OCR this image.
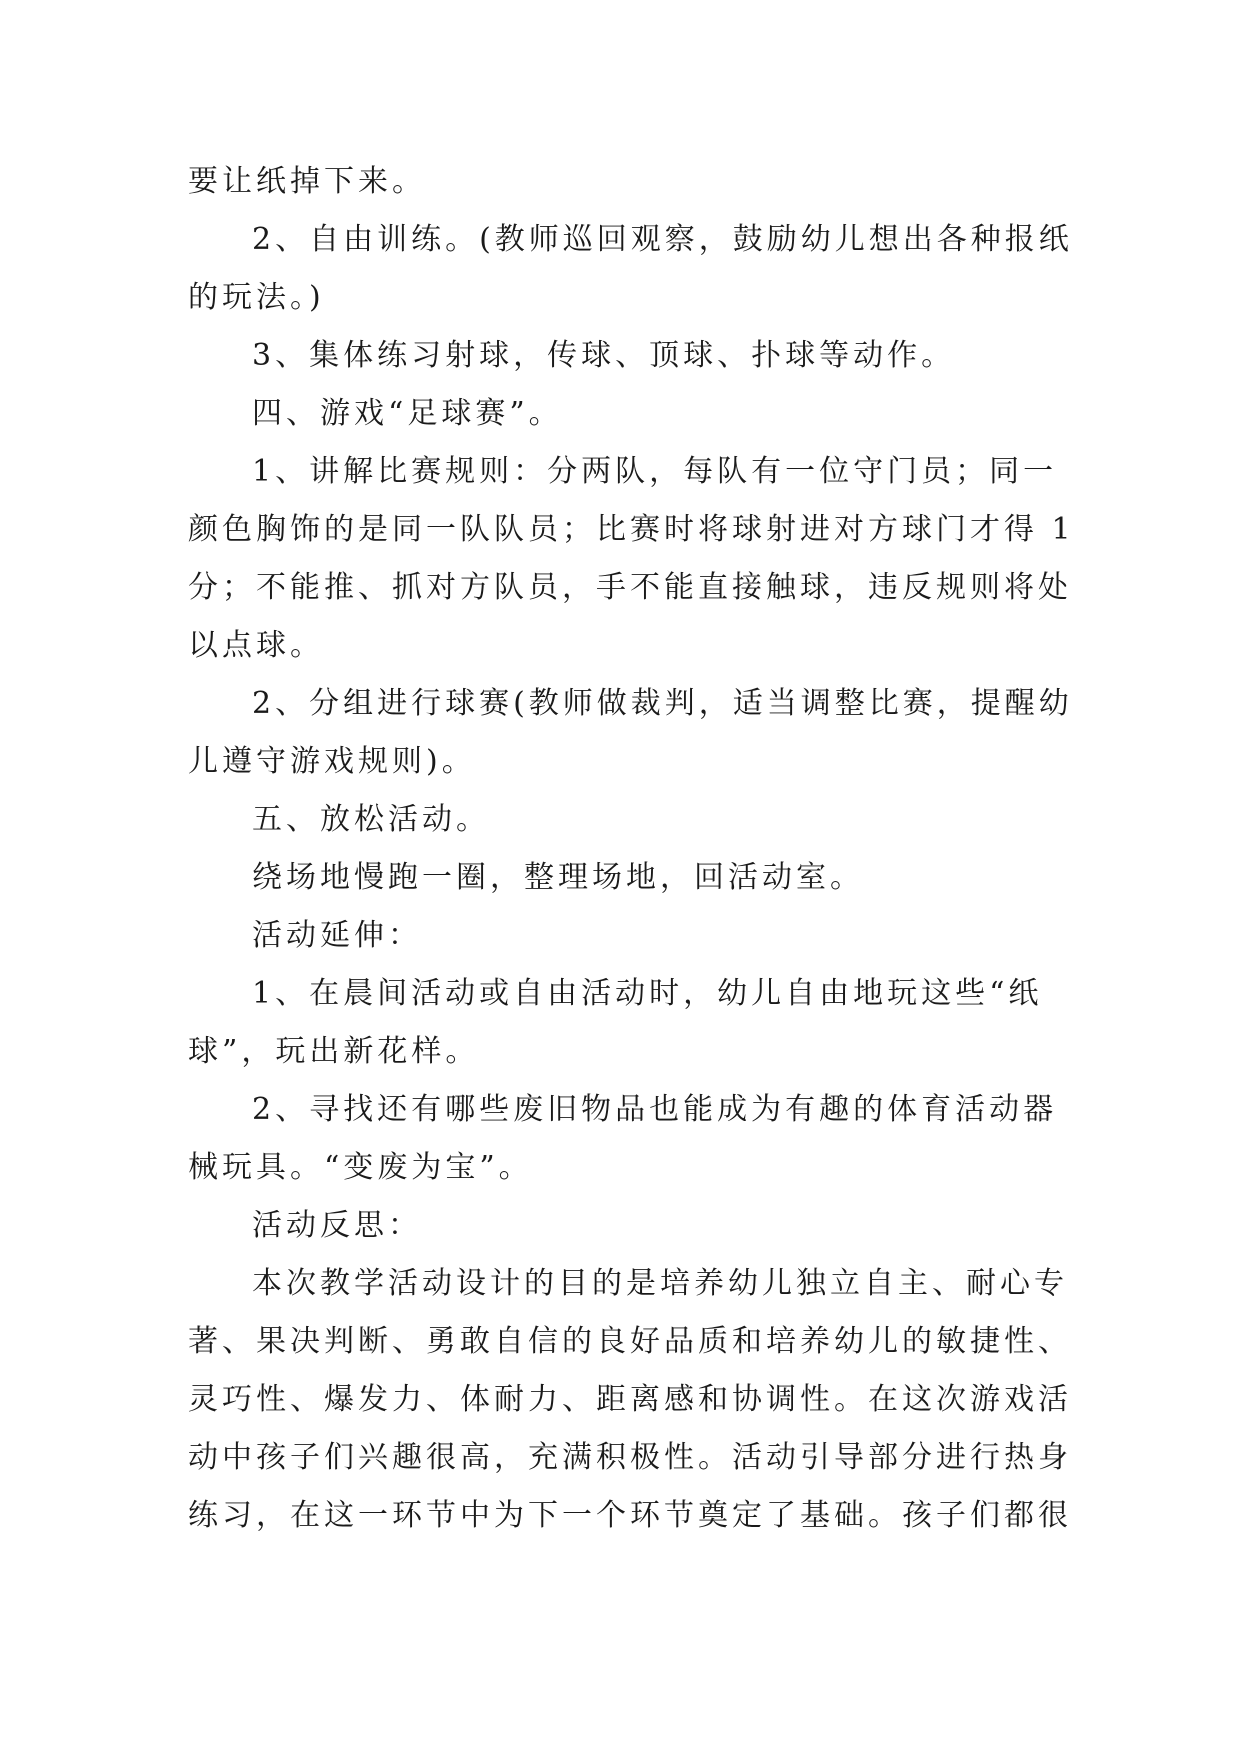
要让纸掉下来。
2、自由训练。(教师巡回观察，鼓励幼儿想出各种报纸
的玩法。)
3、集体练习射球，传球、顶球、扑球等动作。
四、游戏“足球赛”。
1、讲解比赛规则：分两队，每队有一位守门员；同一
颜色胸饰的是同一队队员；比赛时将球射进对方球门才得 1
分；不能推、抓对方队员，手不能直接触球，违反规则将处
以点球。
2、分组进行球赛(教师做裁判，适当调整比赛，提醒幼
儿遵守游戏规则)。
五、放松活动。
绕场地慢跑一圈，整理场地，回活动室。
活动延伸：
1、在晨间活动或自由活动时，幼儿自由地玩这些“纸
球”，玩出新花样。
2、寻找还有哪些废旧物品也能成为有趣的体育活动器
械玩具。“变废为宝”。
活动反思：
本次教学活动设计的目的是培养幼儿独立自主、耐心专
著、果决判断、勇敢自信的良好品质和培养幼儿的敏捷性、
灵巧性、爆发力、体耐力、距离感和协调性。在这次游戏活
动中孩子们兴趣很高，充满积极性。活动引导部分进行热身
练习，在这一环节中为下一个环节奠定了基础。孩子们都很
